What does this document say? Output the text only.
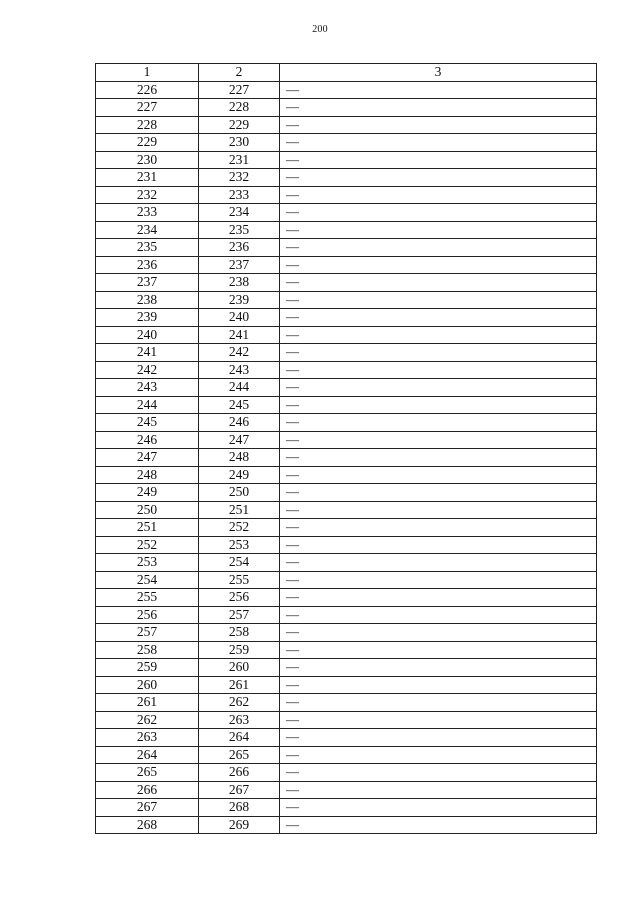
200
1	2	3
226	227	—
227	228	—
228	229	—
229	230	—
230	231	—
231	232	—
232	233	—
233	234	—
234	235	—
235	236	—
236	237	—
237	238	—
238	239	—
239	240	—
240	241	—
241	242	—
242	243	—
243	244	—
244	245	—
245	246	—
246	247	—
247	248	—
248	249	—
249	250	—
250	251	—
251	252	—
252	253	—
253	254	—
254	255	—
255	256	—
256	257	—
257	258	—
258	259	—
259	260	—
260	261	—
261	262	—
262	263	—
263	264	—
264	265	—
265	266	—
266	267	—
267	268	—
268	269	—
